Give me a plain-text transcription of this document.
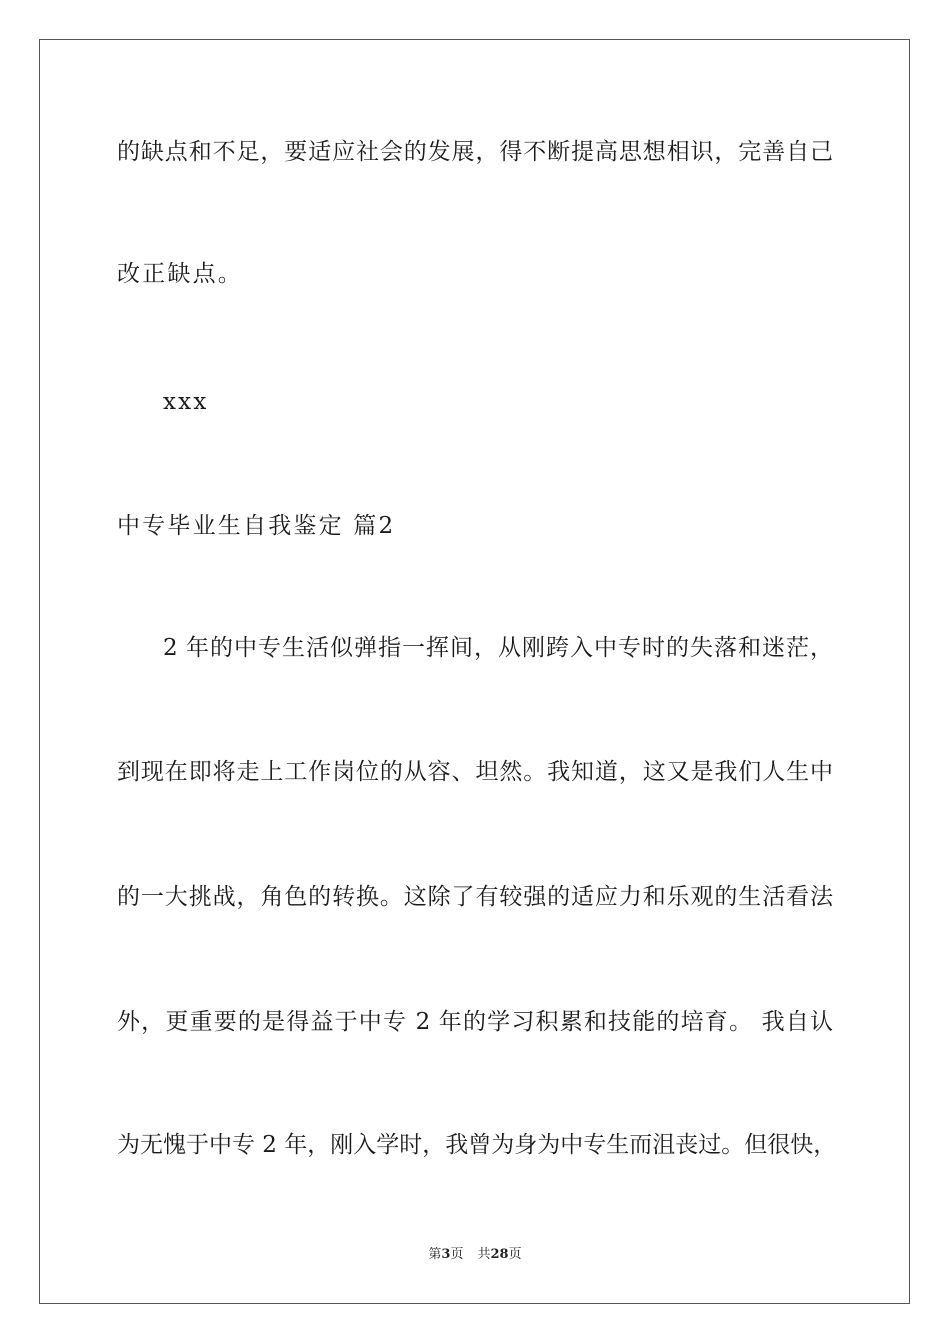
的缺点和不足，要适应社会的发展，得不断提高思想相识，完善自己
改正缺点。
xxx
中专毕业生自我鉴定 篇2
2 年的中专生活似弹指一挥间，从刚跨入中专时的失落和迷茫，
到现在即将走上工作岗位的从容、坦然。我知道，这又是我们人生中
的一大挑战，角色的转换。这除了有较强的适应力和乐观的生活看法
外，更重要的是得益于中专 2 年的学习积累和技能的培育。 我自认
为无愧于中专 2 年，刚入学时，我曾为身为中专生而沮丧过。但很快，
第3页 共28页
